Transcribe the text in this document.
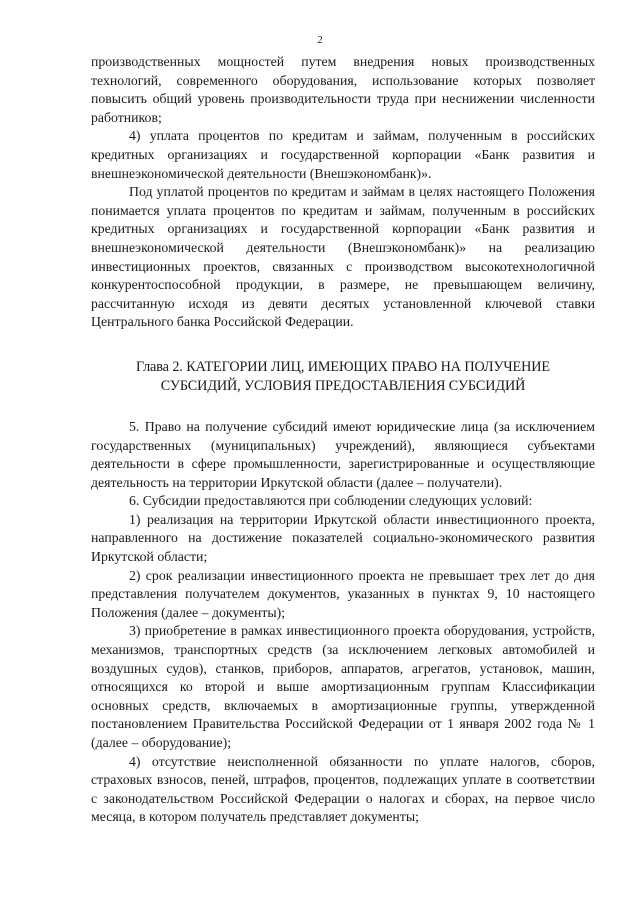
2

производственных мощностей путем внедрения новых производственных технологий, современного оборудования, использование которых позволяет повысить общий уровень производительности труда при неснижении численности работников;

4) уплата процентов по кредитам и займам, полученным в российских кредитных организациях и государственной корпорации «Банк развития и внешнеэкономической деятельности (Внешэкономбанк)».

Под уплатой процентов по кредитам и займам в целях настоящего Положения понимается уплата процентов по кредитам и займам, полученным в российских кредитных организациях и государственной корпорации «Банк развития и внешнеэкономической деятельности (Внешэкономбанк)» на реализацию инвестиционных проектов, связанных с производством высокотехнологичной конкурентоспособной продукции, в размере, не превышающем величину, рассчитанную исходя из девяти десятых установленной ключевой ставки Центрального банка Российской Федерации.

Глава 2. КАТЕГОРИИ ЛИЦ, ИМЕЮЩИХ ПРАВО НА ПОЛУЧЕНИЕ
СУБСИДИЙ, УСЛОВИЯ ПРЕДОСТАВЛЕНИЯ СУБСИДИЙ

5. Право на получение субсидий имеют юридические лица (за исключением государственных (муниципальных) учреждений), являющиеся субъектами деятельности в сфере промышленности, зарегистрированные и осуществляющие деятельность на территории Иркутской области (далее – получатели).

6. Субсидии предоставляются при соблюдении следующих условий:

1) реализация на территории Иркутской области инвестиционного проекта, направленного на достижение показателей социально-экономического развития Иркутской области;

2) срок реализации инвестиционного проекта не превышает трех лет до дня представления получателем документов, указанных в пунктах 9, 10 настоящего Положения (далее – документы);

3) приобретение в рамках инвестиционного проекта оборудования, устройств, механизмов, транспортных средств (за исключением легковых автомобилей и воздушных судов), станков, приборов, аппаратов, агрегатов, установок, машин, относящихся ко второй и выше амортизационным группам Классификации основных средств, включаемых в амортизационные группы, утвержденной постановлением Правительства Российской Федерации от 1 января 2002 года № 1 (далее – оборудование);

4) отсутствие неисполненной обязанности по уплате налогов, сборов, страховых взносов, пеней, штрафов, процентов, подлежащих уплате в соответствии с законодательством Российской Федерации о налогах и сборах, на первое число месяца, в котором получатель представляет документы;
